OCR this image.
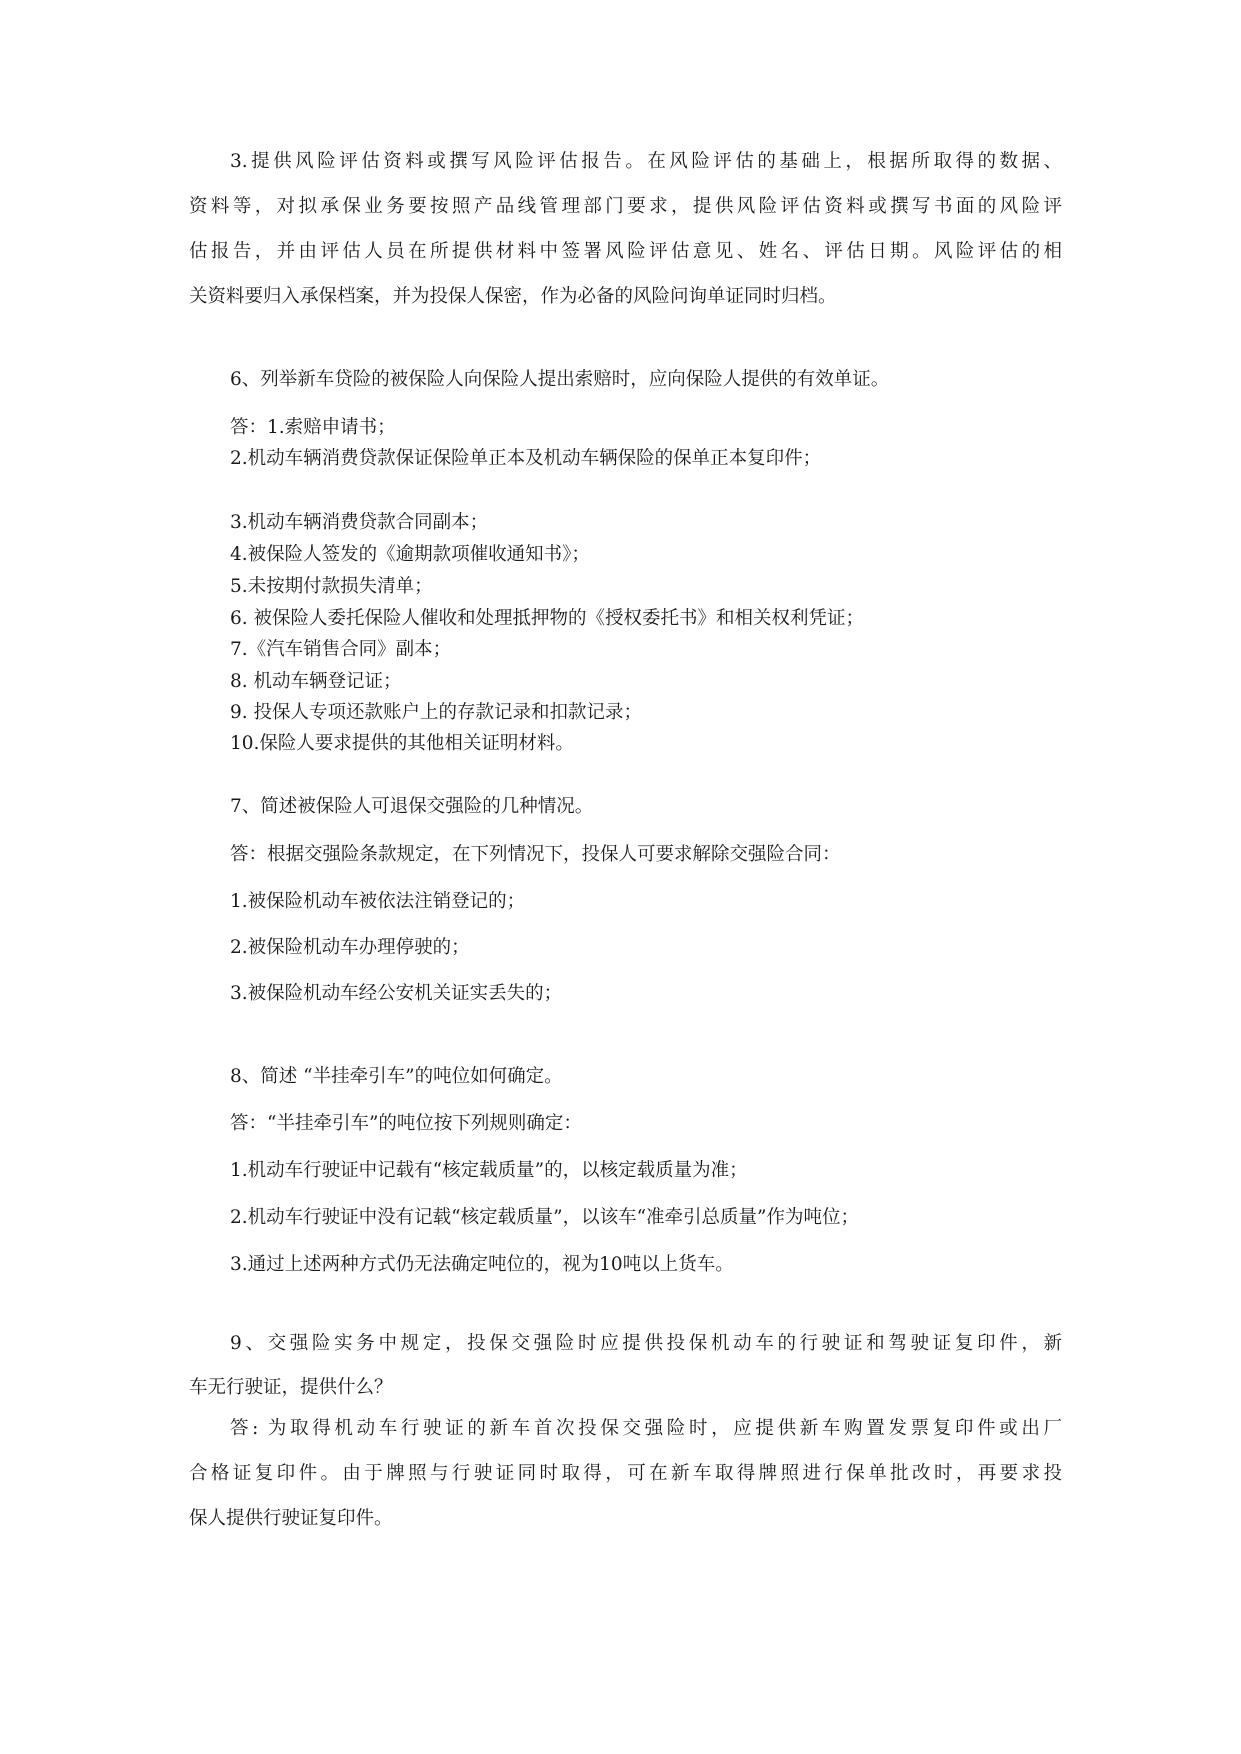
3.提供风险评估资料或撰写风险评估报告。在风险评估的基础上，根据所取得的数据、
资料等，对拟承保业务要按照产品线管理部门要求，提供风险评估资料或撰写书面的风险评
估报告，并由评估人员在所提供材料中签署风险评估意见、姓名、评估日期。风险评估的相
关资料要归入承保档案，并为投保人保密，作为必备的风险问询单证同时归档。
6、列举新车贷险的被保险人向保险人提出索赔时，应向保险人提供的有效单证。
答：1.索赔申请书；
2.机动车辆消费贷款保证保险单正本及机动车辆保险的保单正本复印件；
3.机动车辆消费贷款合同副本；
4.被保险人签发的《逾期款项催收通知书》；
5.未按期付款损失清单；
6. 被保险人委托保险人催收和处理抵押物的《授权委托书》和相关权利凭证；
7.《汽车销售合同》副本；
8. 机动车辆登记证；
9. 投保人专项还款账户上的存款记录和扣款记录；
10.保险人要求提供的其他相关证明材料。
7、简述被保险人可退保交强险的几种情况。
答：根据交强险条款规定，在下列情况下，投保人可要求解除交强险合同：
1.被保险机动车被依法注销登记的；
2.被保险机动车办理停驶的；
3.被保险机动车经公安机关证实丢失的；
8、简述 “半挂牵引车”的吨位如何确定。
答：“半挂牵引车”的吨位按下列规则确定：
1.机动车行驶证中记载有“核定载质量”的，以核定载质量为准；
2.机动车行驶证中没有记载“核定载质量”，以该车“准牵引总质量”作为吨位；
3.通过上述两种方式仍无法确定吨位的，视为10吨以上货车。
9、交强险实务中规定，投保交强险时应提供投保机动车的行驶证和驾驶证复印件，新
车无行驶证，提供什么？
答: 为取得机动车行驶证的新车首次投保交强险时，应提供新车购置发票复印件或出厂
合格证复印件。由于牌照与行驶证同时取得，可在新车取得牌照进行保单批改时，再要求投
保人提供行驶证复印件。
